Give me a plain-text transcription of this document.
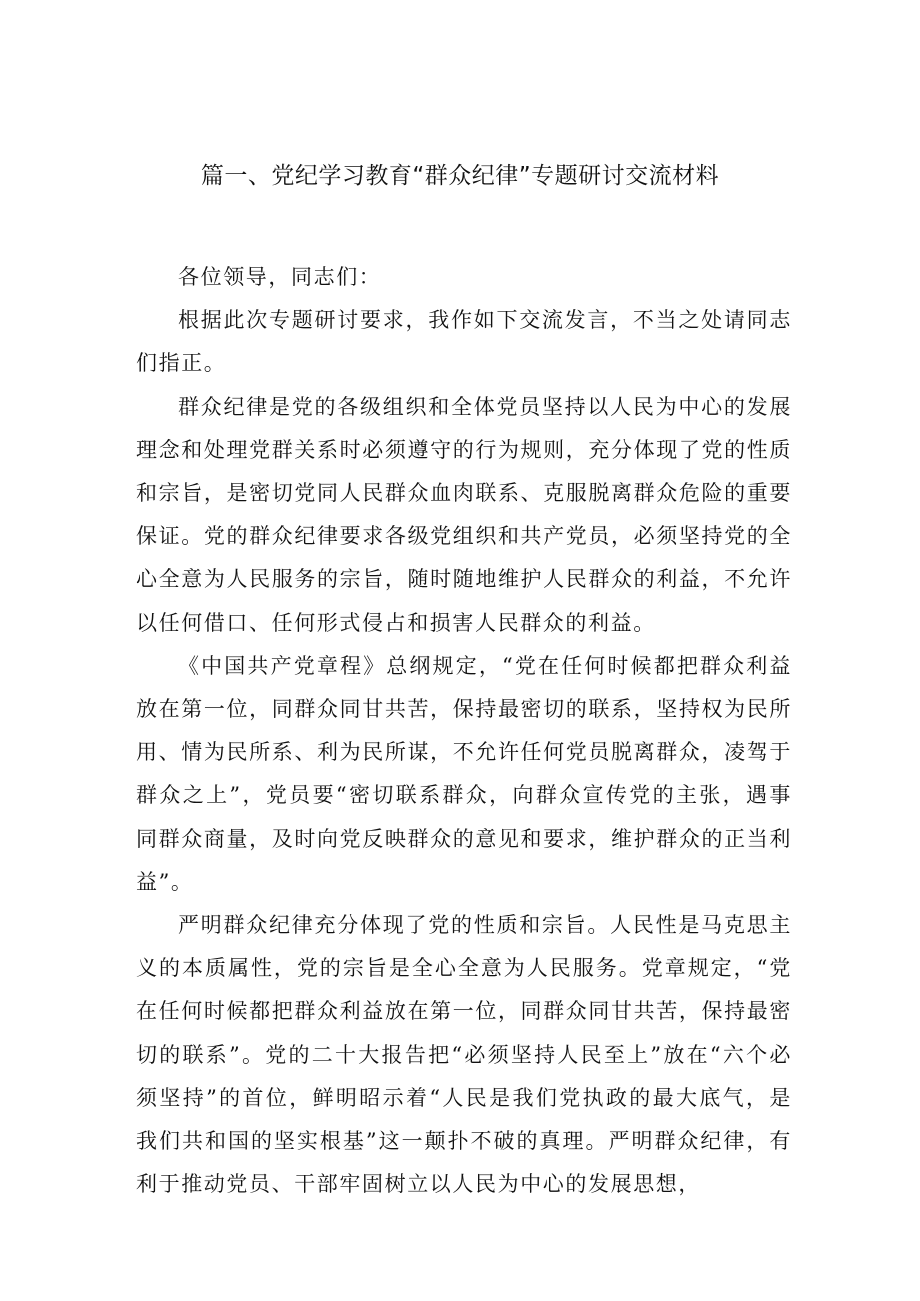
篇一、党纪学习教育“群众纪律”专题研讨交流材料

各位领导，同志们：

根据此次专题研讨要求，我作如下交流发言，不当之处请同志们指正。

群众纪律是党的各级组织和全体党员坚持以人民为中心的发展理念和处理党群关系时必须遵守的行为规则，充分体现了党的性质和宗旨，是密切党同人民群众血肉联系、克服脱离群众危险的重要保证。党的群众纪律要求各级党组织和共产党员，必须坚持党的全心全意为人民服务的宗旨，随时随地维护人民群众的利益，不允许以任何借口、任何形式侵占和损害人民群众的利益。

《中国共产党章程》总纲规定，“党在任何时候都把群众利益放在第一位，同群众同甘共苦，保持最密切的联系，坚持权为民所用、情为民所系、利为民所谋，不允许任何党员脱离群众，凌驾于群众之上”，党员要“密切联系群众，向群众宣传党的主张，遇事同群众商量，及时向党反映群众的意见和要求，维护群众的正当利益”。

严明群众纪律充分体现了党的性质和宗旨。人民性是马克思主义的本质属性，党的宗旨是全心全意为人民服务。党章规定，“党在任何时候都把群众利益放在第一位，同群众同甘共苦，保持最密切的联系”。党的二十大报告把“必须坚持人民至上”放在“六个必须坚持”的首位，鲜明昭示着“人民是我们党执政的最大底气，是我们共和国的坚实根基”这一颠扑不破的真理。严明群众纪律，有利于推动党员、干部牢固树立以人民为中心的发展思想，
